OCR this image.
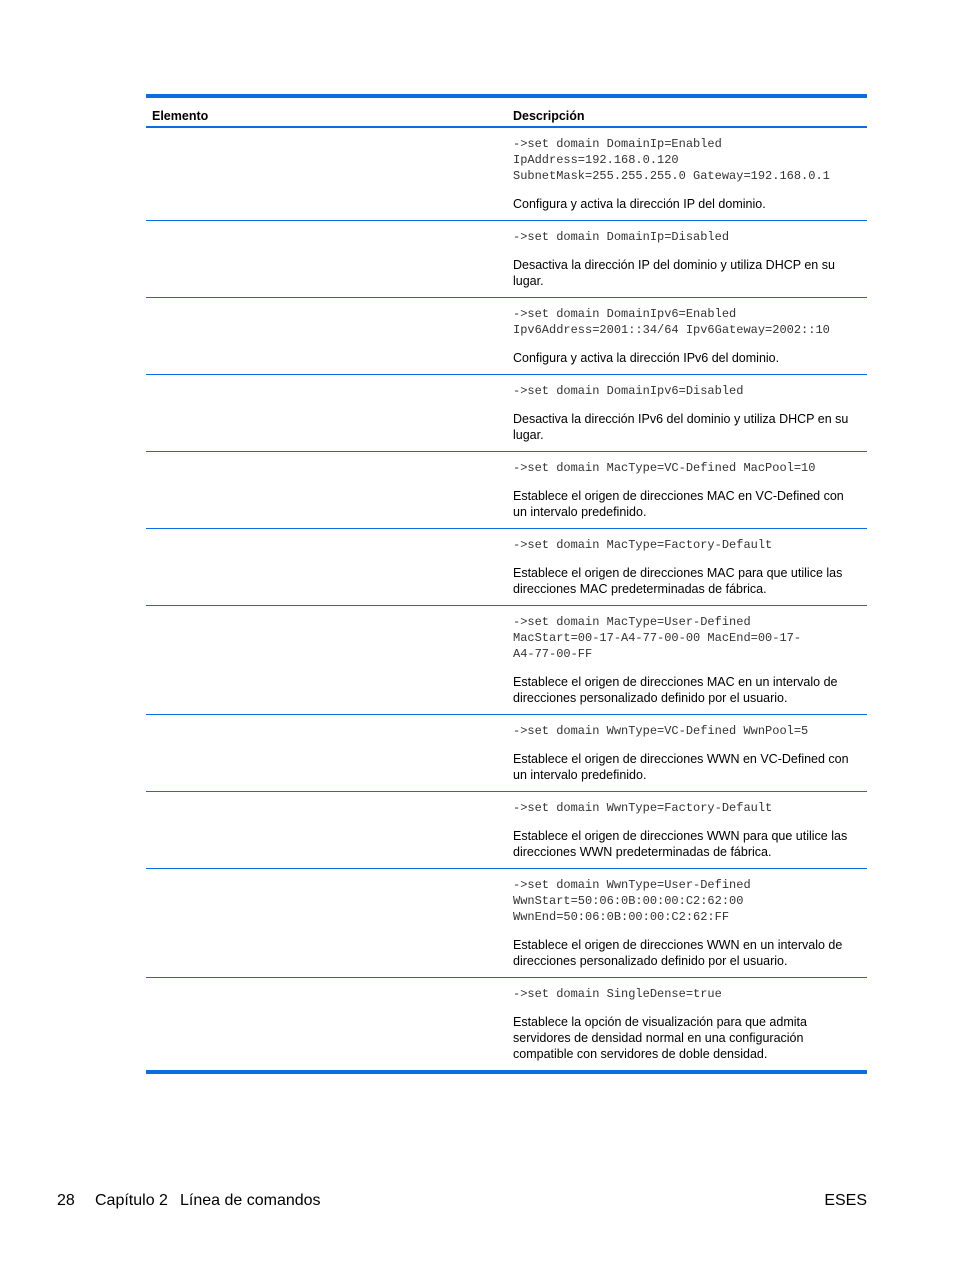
Elemento	Descripción
->set domain DomainIp=Enabled
IpAddress=192.168.0.120
SubnetMask=255.255.255.0 Gateway=192.168.0.1

Configura y activa la dirección IP del dominio.

->set domain DomainIp=Disabled

Desactiva la dirección IP del dominio y utiliza DHCP en su lugar.

->set domain DomainIpv6=Enabled
Ipv6Address=2001::34/64 Ipv6Gateway=2002::10

Configura y activa la dirección IPv6 del dominio.

->set domain DomainIpv6=Disabled

Desactiva la dirección IPv6 del dominio y utiliza DHCP en su lugar.

->set domain MacType=VC-Defined MacPool=10

Establece el origen de direcciones MAC en VC-Defined con un intervalo predefinido.

->set domain MacType=Factory-Default

Establece el origen de direcciones MAC para que utilice las direcciones MAC predeterminadas de fábrica.

->set domain MacType=User-Defined
MacStart=00-17-A4-77-00-00 MacEnd=00-17-
A4-77-00-FF

Establece el origen de direcciones MAC en un intervalo de direcciones personalizado definido por el usuario.

->set domain WwnType=VC-Defined WwnPool=5

Establece el origen de direcciones WWN en VC-Defined con un intervalo predefinido.

->set domain WwnType=Factory-Default

Establece el origen de direcciones WWN para que utilice las direcciones WWN predeterminadas de fábrica.

->set domain WwnType=User-Defined
WwnStart=50:06:0B:00:00:C2:62:00
WwnEnd=50:06:0B:00:00:C2:62:FF

Establece el origen de direcciones WWN en un intervalo de direcciones personalizado definido por el usuario.

->set domain SingleDense=true

Establece la opción de visualización para que admita servidores de densidad normal en una configuración compatible con servidores de doble densidad.

28 Capítulo 2 Línea de comandos	ESES
